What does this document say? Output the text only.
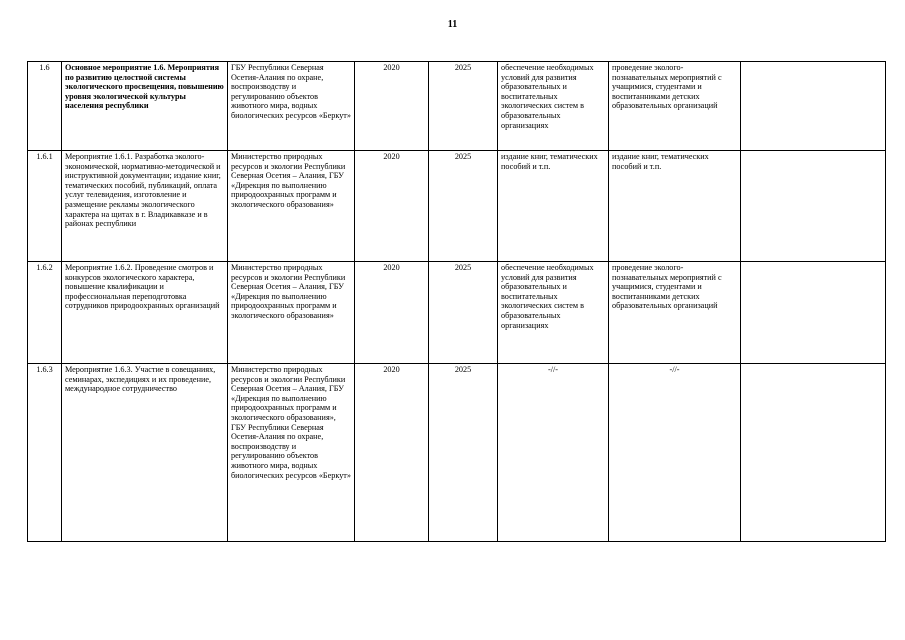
11
1.6	Основное мероприятие 1.6. Мероприятия по развитию целостной системы экологического просвещения, повышению уровня экологической культуры населения республики	ГБУ Республики Северная Осетия-Алания по охране, воспроизводству и регулированию объектов животного мира, водных биологических ресурсов «Беркут»	2020	2025	обеспечение необходимых условий для развития образовательных и воспитательных экологических систем в образовательных организациях	проведение эколого-познавательных мероприятий с учащимися, студентами и воспитанниками детских образовательных организаций	
1.6.1	Мероприятие 1.6.1. Разработка эколого-экономической, нормативно-методической и инструктивной документации; издание книг, тематических пособий, публикаций, оплата услуг телевидения, изготовление и размещение рекламы экологического характера на щитах в г. Владикавказе и в районах республики	Министерство природных ресурсов и экологии Республики Северная Осетия – Алания, ГБУ «Дирекция по выполнению природоохранных программ и экологического образования»	2020	2025	издание книг, тематических пособий и т.п.	издание книг, тематических пособий и т.п.	
1.6.2	Мероприятие 1.6.2. Проведение смотров и конкурсов экологического характера, повышение квалификации и профессиональная переподготовка сотрудников природоохранных организаций	Министерство природных ресурсов и экологии Республики Северная Осетия – Алания, ГБУ «Дирекция по выполнению природоохранных программ и экологического образования»	2020	2025	обеспечение необходимых условий для развития образовательных и воспитательных экологических систем в образовательных организациях	проведение эколого-познавательных мероприятий с учащимися, студентами и воспитанниками детских образовательных организаций	
1.6.3	Мероприятие 1.6.3. Участие в совещаниях, семинарах, экспедициях и их проведение, международное сотрудничество	Министерство природных ресурсов и экологии Республики Северная Осетия – Алания, ГБУ «Дирекция по выполнению природоохранных программ и экологического образования», ГБУ Республики Северная Осетия-Алания по охране, воспроизводству и регулированию объектов животного мира, водных биологических ресурсов «Беркут»	2020	2025	-//-	-//-	
